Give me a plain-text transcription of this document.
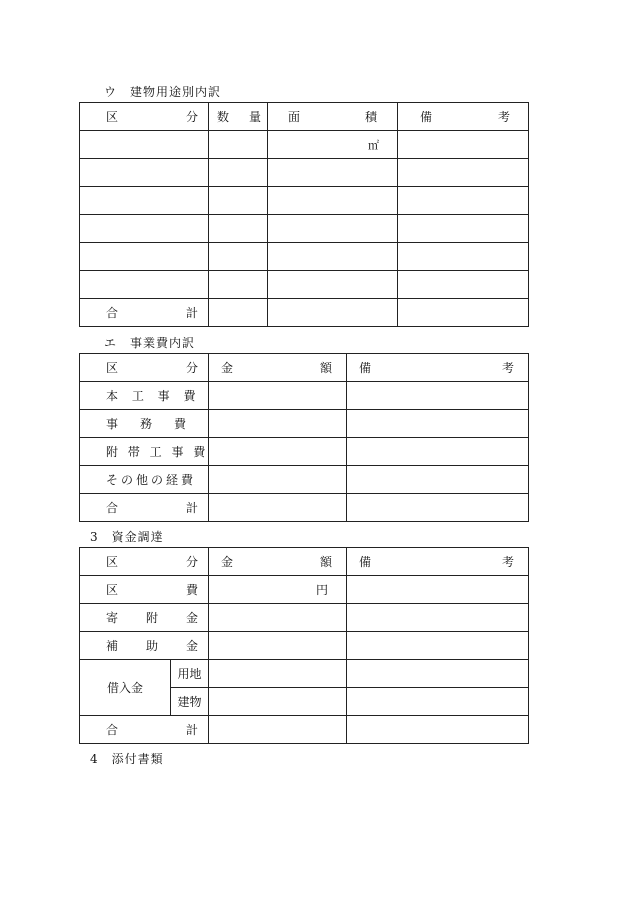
ウ　建物用途別内訳
区 分	数 量	面 積	備 考

		㎡	

合 計			

エ　事業費内訳
区 分	金 額	備 考

本 工 事 費		
事　務　費		
附 帯 工 事 費		
その他の経費		

合 計		

3　資金調達
区 分		金 額	備 考

区 費		円	

寄 附 金			

補 助 金			

借入金	用地		
	建物		

合 計			

4　添付書類
